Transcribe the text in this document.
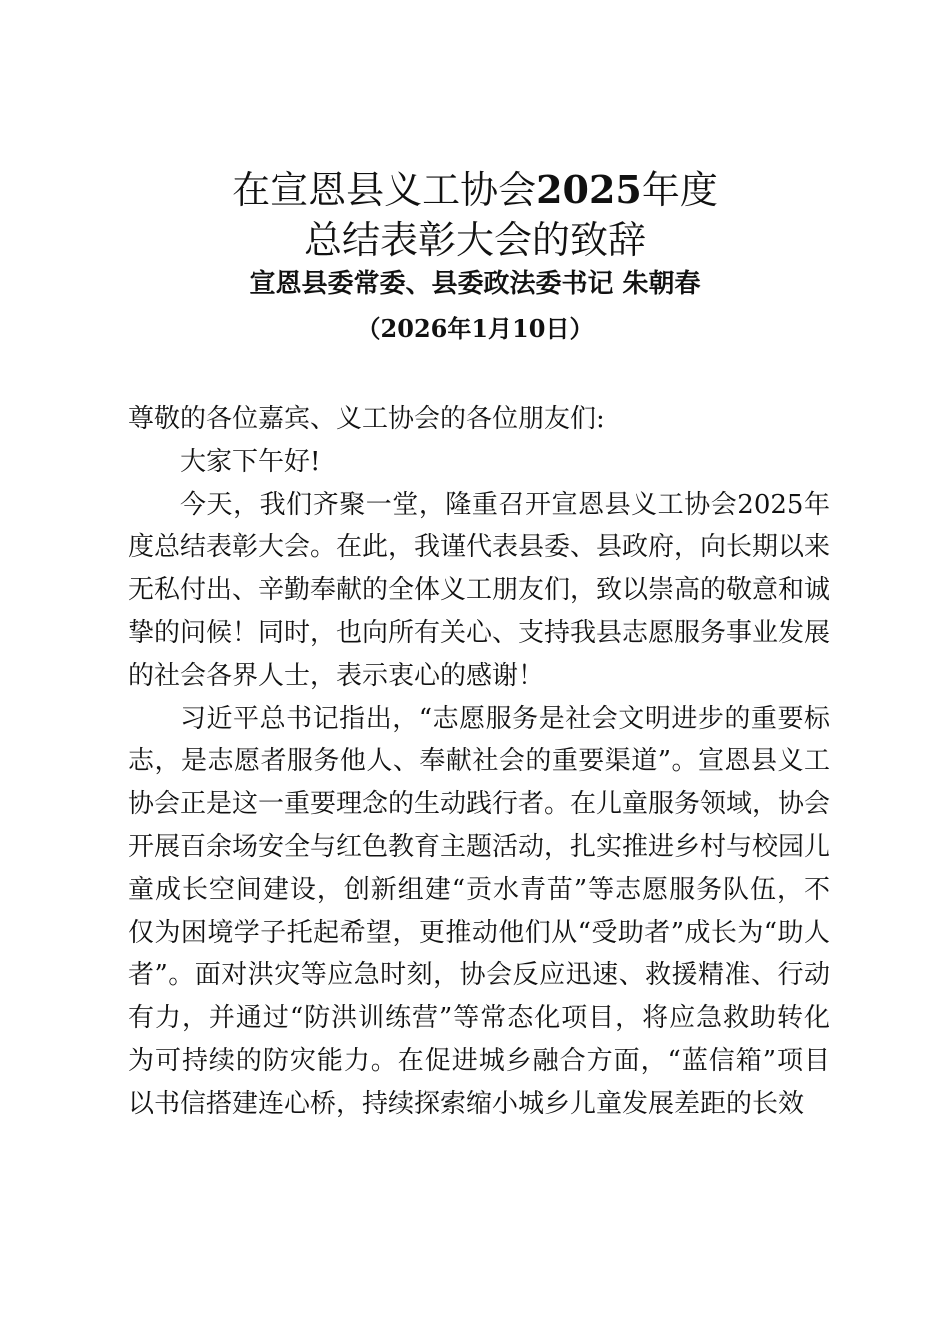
在宣恩县义工协会2025年度
总结表彰大会的致辞
宣恩县委常委、县委政法委书记 朱朝春
（2026年1月10日）

尊敬的各位嘉宾、义工协会的各位朋友们:

大家下午好!

今天，我们齐聚一堂，隆重召开宣恩县义工协会2025年度总结表彰大会。在此，我谨代表县委、县政府，向长期以来无私付出、辛勤奉献的全体义工朋友们，致以崇高的敬意和诚挚的问候！同时，也向所有关心、支持我县志愿服务事业发展的社会各界人士，表示衷心的感谢！

习近平总书记指出，“志愿服务是社会文明进步的重要标志，是志愿者服务他人、奉献社会的重要渠道”。宣恩县义工协会正是这一重要理念的生动践行者。在儿童服务领域，协会开展百余场安全与红色教育主题活动，扎实推进乡村与校园儿童成长空间建设，创新组建“贡水青苗”等志愿服务队伍，不仅为困境学子托起希望，更推动他们从“受助者”成长为“助人者”。面对洪灾等应急时刻，协会反应迅速、救援精准、行动有力，并通过“防洪训练营”等常态化项目，将应急救助转化为可持续的防灾能力。在促进城乡融合方面，“蓝信箱”项目以书信搭建连心桥，持续探索缩小城乡儿童发展差距的长效
